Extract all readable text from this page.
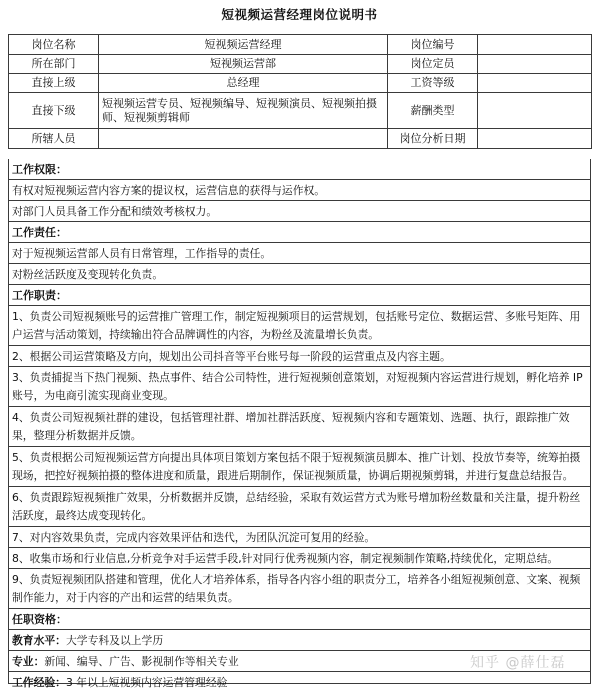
短视频运营经理岗位说明书
岗位名称	短视频运营经理	岗位编号	
所在部门	短视频运营部	岗位定员	
直接上级	总经理	工资等级	
直接下级	短视频运营专员、短视频编导、短视频演员、短视频拍摄师、短视频剪辑师	薪酬类型	
所辖人员		岗位分析日期	
工作权限：
有权对短视频运营内容方案的提议权，运营信息的获得与运作权。
对部门人员具备工作分配和绩效考核权力。
工作责任：
对于短视频运营部人员有日常管理，工作指导的责任。
对粉丝活跃度及变现转化负责。
工作职责：
1、负责公司短视频账号的运营推广管理工作，制定短视频项目的运营规划，包括账号定位、数据运营、多账号矩阵、用户运营与活动策划，持续输出符合品牌调性的内容，为粉丝及流量增长负责。
2、根据公司运营策略及方向，规划出公司抖音等平台账号每一阶段的运营重点及内容主题。
3、负责捕捉当下热门视频、热点事件、结合公司特性，进行短视频创意策划，对短视频内容运营进行规划，孵化培养 IP 账号，为电商引流实现商业变现。
4、负责公司短视频社群的建设，包括管理社群、增加社群活跃度、短视频内容和专题策划、选题、执行，跟踪推广效果，整理分析数据并反馈。
5、负责根据公司短视频运营方向提出具体项目策划方案包括不限于短视频演员脚本、推广计划、投放节奏等，统筹拍摄现场，把控好视频拍摄的整体进度和质量，跟进后期制作，保证视频质量，协调后期视频剪辑，并进行复盘总结报告。
6、负责跟踪短视频推广效果，分析数据并反馈，总结经验，采取有效运营方式为账号增加粉丝数量和关注量，提升粉丝活跃度，最终达成变现转化。
7、对内容效果负责，完成内容效果评估和迭代，为团队沉淀可复用的经验。
8、收集市场和行业信息,分析竞争对手运营手段,针对同行优秀视频内容，制定视频制作策略,持续优化，定期总结。
9、负责短视频团队搭建和管理，优化人才培养体系，指导各内容小组的职责分工，培养各小组短视频创意、文案、视频制作能力，对于内容的产出和运营的结果负责。
任职资格：
教育水平：大学专科及以上学历
专业：新闻、编导、广告、影视制作等相关专业
工作经验：3 年以上短视频内容运营管理经验
知乎 @薛仕磊
